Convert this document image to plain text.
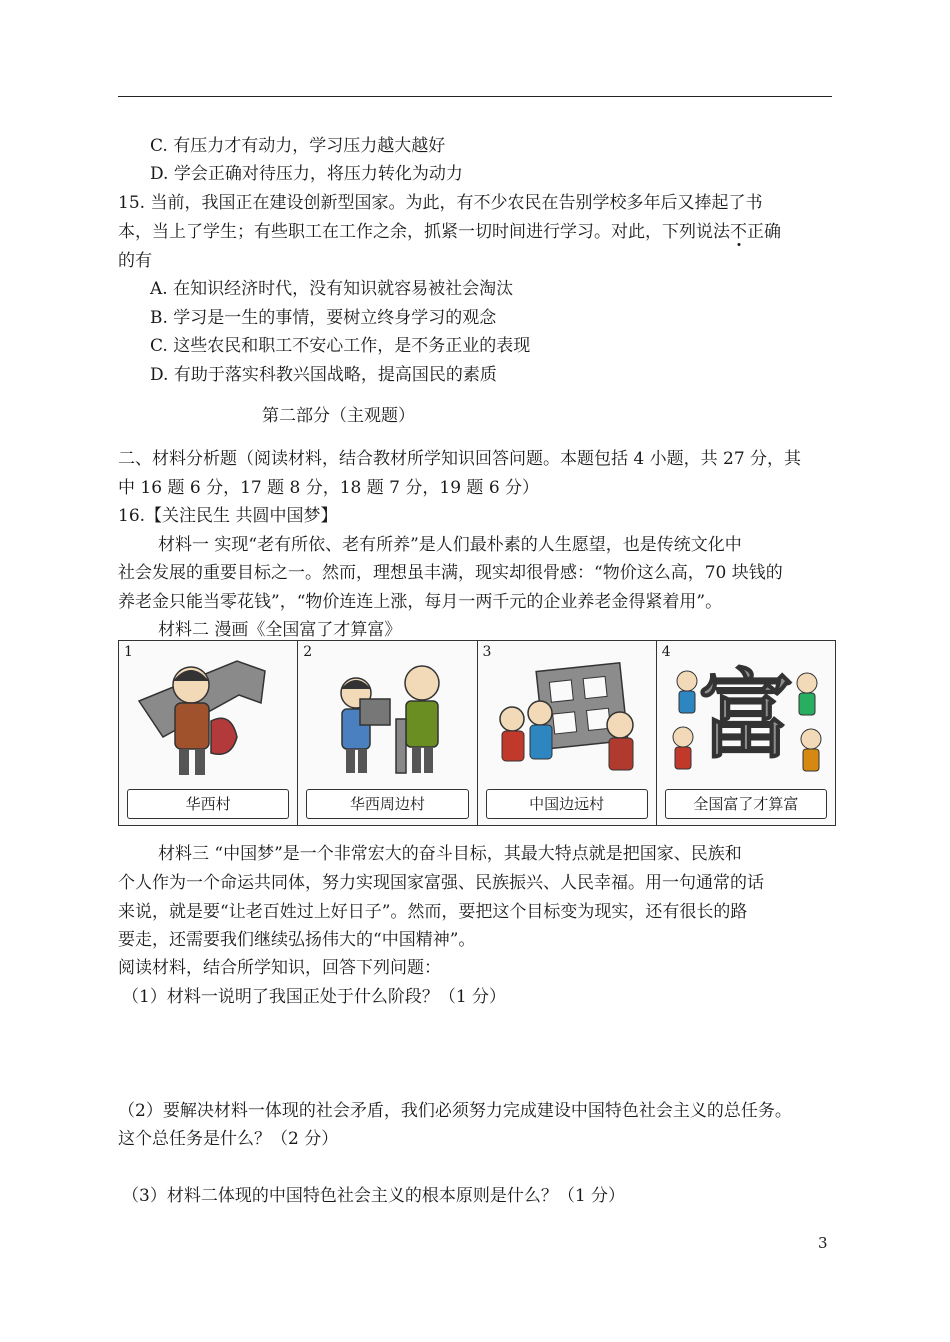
C. 有压力才有动力，学习压力越大越好
D. 学会正确对待压力，将压力转化为动力
15. 当前，我国正在建设创新型国家。为此，有不少农民在告别学校多年后又捧起了书
本，当上了学生；有些职工在工作之余，抓紧一切时间进行学习。对此，下列说法不正确
的有
A. 在知识经济时代，没有知识就容易被社会淘汰
B. 学习是一生的事情，要树立终身学习的观念
C. 这些农民和职工不安心工作，是不务正业的表现
D. 有助于落实科教兴国战略，提高国民的素质
第二部分（主观题）
二、材料分析题（阅读材料，结合教材所学知识回答问题。本题包括 4 小题，共 27 分，其
中 16 题 6 分，17 题 8 分，18 题 7 分，19 题 6 分）
16.【关注民生 共圆中国梦】
材料一 实现“老有所依、老有所养”是人们最朴素的人生愿望，也是传统文化中
社会发展的重要目标之一。然而，理想虽丰满，现实却很骨感：“物价这么高，70 块钱的
养老金只能当零花钱”，“物价连连上涨，每月一两千元的企业养老金得紧着用”。
材料二 漫画《全国富了才算富》
1
华西村
2
华西周边村
3
中国边远村
4
富
全国富了才算富
材料三 “中国梦”是一个非常宏大的奋斗目标，其最大特点就是把国家、民族和
个人作为一个命运共同体，努力实现国家富强、民族振兴、人民幸福。用一句通常的话
来说，就是要“让老百姓过上好日子”。然而，要把这个目标变为现实，还有很长的路
要走，还需要我们继续弘扬伟大的“中国精神”。
阅读材料，结合所学知识，回答下列问题：
（1）材料一说明了我国正处于什么阶段？（1 分）
（2）要解决材料一体现的社会矛盾，我们必须努力完成建设中国特色社会主义的总任务。
这个总任务是什么？（2 分）
（3）材料二体现的中国特色社会主义的根本原则是什么？（1 分）
3
